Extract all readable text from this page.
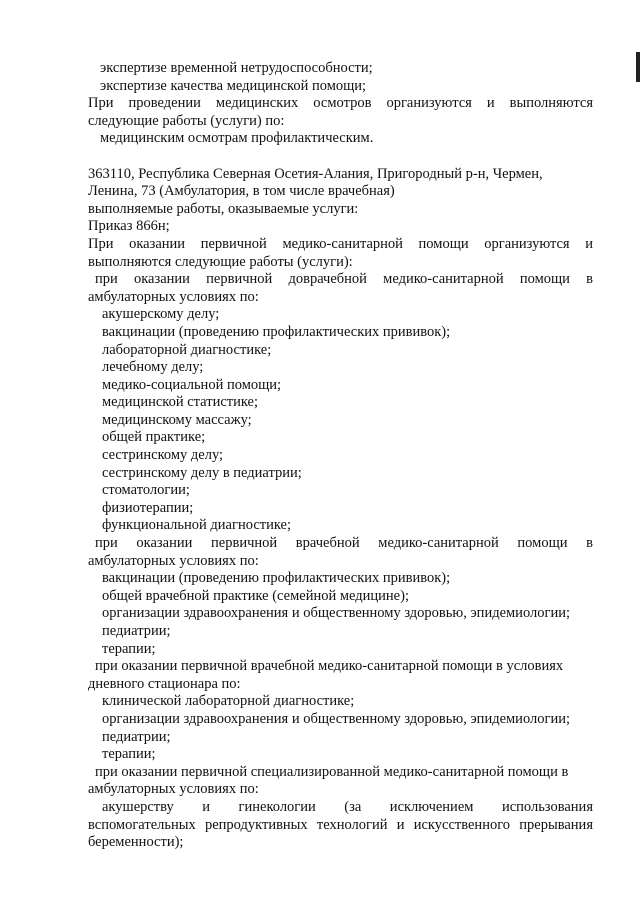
экспертизе временной нетрудоспособности;
экспертизе качества медицинской помощи;
При проведении медицинских осмотров организуются и выполняются
следующие работы (услуги) по:
медицинским осмотрам профилактическим.
363110, Республика Северная Осетия-Алания, Пригородный р-н, Чермен,
Ленина, 73 (Амбулатория, в том числе врачебная)
выполняемые работы, оказываемые услуги:
Приказ 866н;
При оказании первичной медико-санитарной помощи организуются и
выполняются следующие работы (услуги):
при оказании первичной доврачебной медико-санитарной помощи в
амбулаторных условиях по:
акушерскому делу;
вакцинации (проведению профилактических прививок);
лабораторной диагностике;
лечебному делу;
медико-социальной помощи;
медицинской статистике;
медицинскому массажу;
общей практике;
сестринскому делу;
сестринскому делу в педиатрии;
стоматологии;
физиотерапии;
функциональной диагностике;
при оказании первичной врачебной медико-санитарной помощи в
амбулаторных условиях по:
вакцинации (проведению профилактических прививок);
общей врачебной практике (семейной медицине);
организации здравоохранения и общественному здоровью, эпидемиологии;
педиатрии;
терапии;
при оказании первичной врачебной медико-санитарной помощи в условиях
дневного стационара по:
клинической лабораторной диагностике;
организации здравоохранения и общественному здоровью, эпидемиологии;
педиатрии;
терапии;
при оказании первичной специализированной медико-санитарной помощи в
амбулаторных условиях по:
акушерству и гинекологии (за исключением использования
вспомогательных репродуктивных технологий и искусственного прерывания
беременности);
